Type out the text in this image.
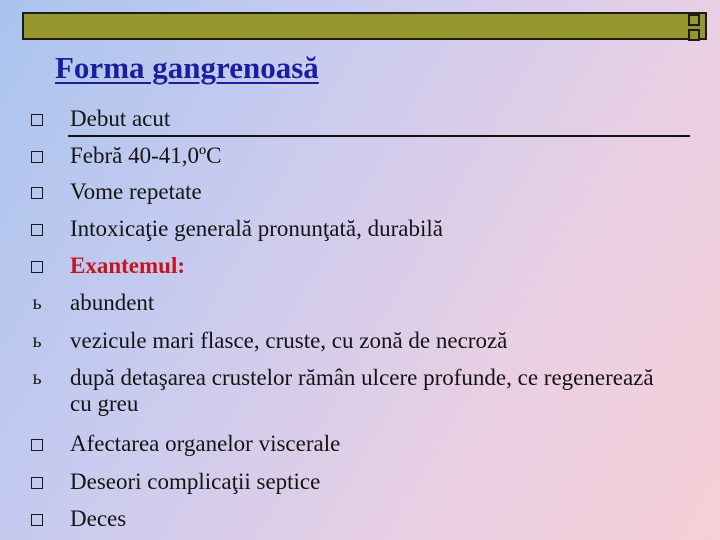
Forma gangrenoasă
Debut acut
Febră 40-41,0ºC
Vome repetate
Intoxicaţie generală pronunţată, durabilă
Exantemul:
ь abundent
ь vezicule mari flasce, cruste, cu zonă de necroză
ь după detaşarea crustelor rămân ulcere profunde, ce regenerează cu greu
Afectarea organelor viscerale
Deseori complicaţii septice
Deces
